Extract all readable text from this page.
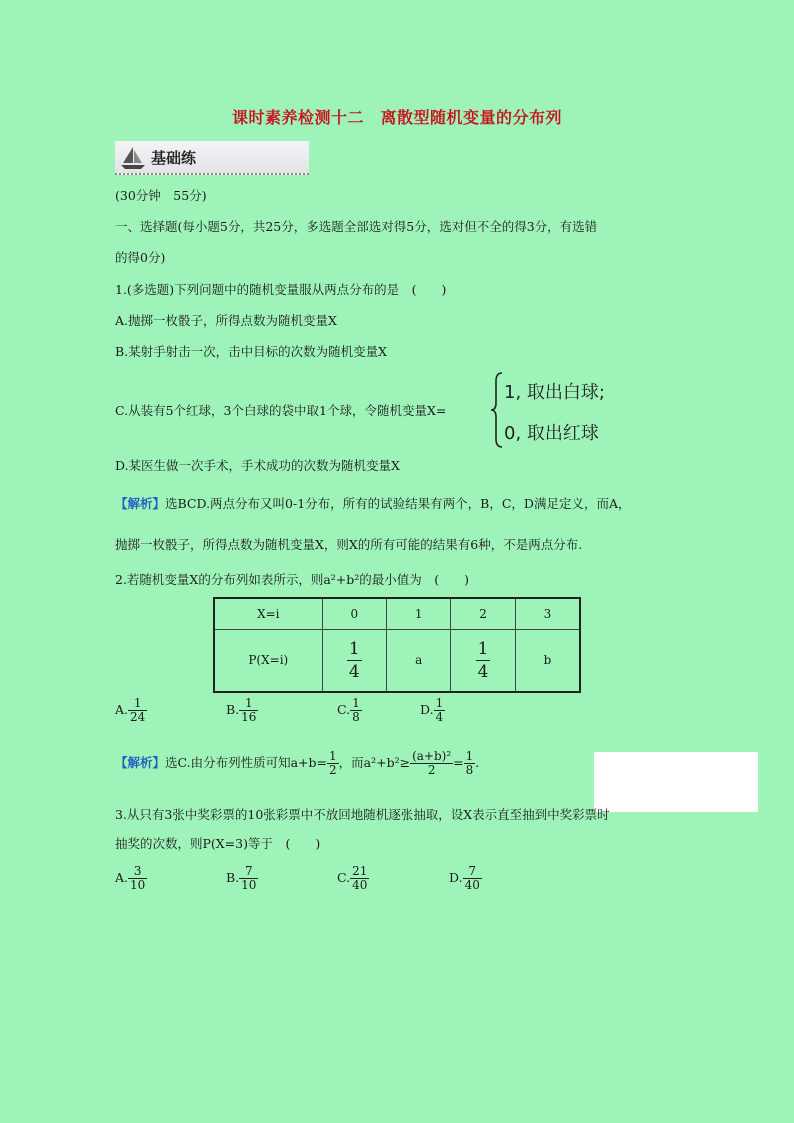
课时素养检测十二　离散型随机变量的分布列
基础练
(30分钟　55分)
一、选择题(每小题5分，共25分，多选题全部选对得5分，选对但不全的得3分，有选错
的得0分)
1.(多选题)下列问题中的随机变量服从两点分布的是　(　　)
A.抛掷一枚骰子，所得点数为随机变量X
B.某射手射击一次，击中目标的次数为随机变量X
C.从装有5个红球，3个白球的袋中取1个球，令随机变量X=
1, 取出白球;
0, 取出红球
D.某医生做一次手术，手术成功的次数为随机变量X
【解析】选BCD.两点分布又叫0-1分布，所有的试验结果有两个，B，C，D满足定义，而A，
抛掷一枚骰子，所得点数为随机变量X，则X的所有可能的结果有6种，不是两点分布.
2.若随机变量X的分布列如表所示，则a²+b²的最小值为　(　　)
X=i	0	1	2	3
P(X=i)	$\frac{1}{4}$	a	$\frac{1}{4}$	b
A. $\frac{1}{24}$	B. $\frac{1}{16}$	C. $\frac{1}{8}$	D. $\frac{1}{4}$
【解析】选C.由分布列性质可知$a+b= \frac{1}{2}$ ，而$a^2+b^2\ge \frac{\text{(a+b)²}}{2} = \frac{1}{8}$ .
3.从只有3张中奖彩票的10张彩票中不放回地随机逐张抽取，设X表示直至抽到中奖彩票时
抽奖的次数，则P(X=3)等于　(　　)
A. $\frac{3}{10}$	B. $\frac{7}{10}$	C. $\frac{21}{40}$	D. $\frac{7}{40}$
